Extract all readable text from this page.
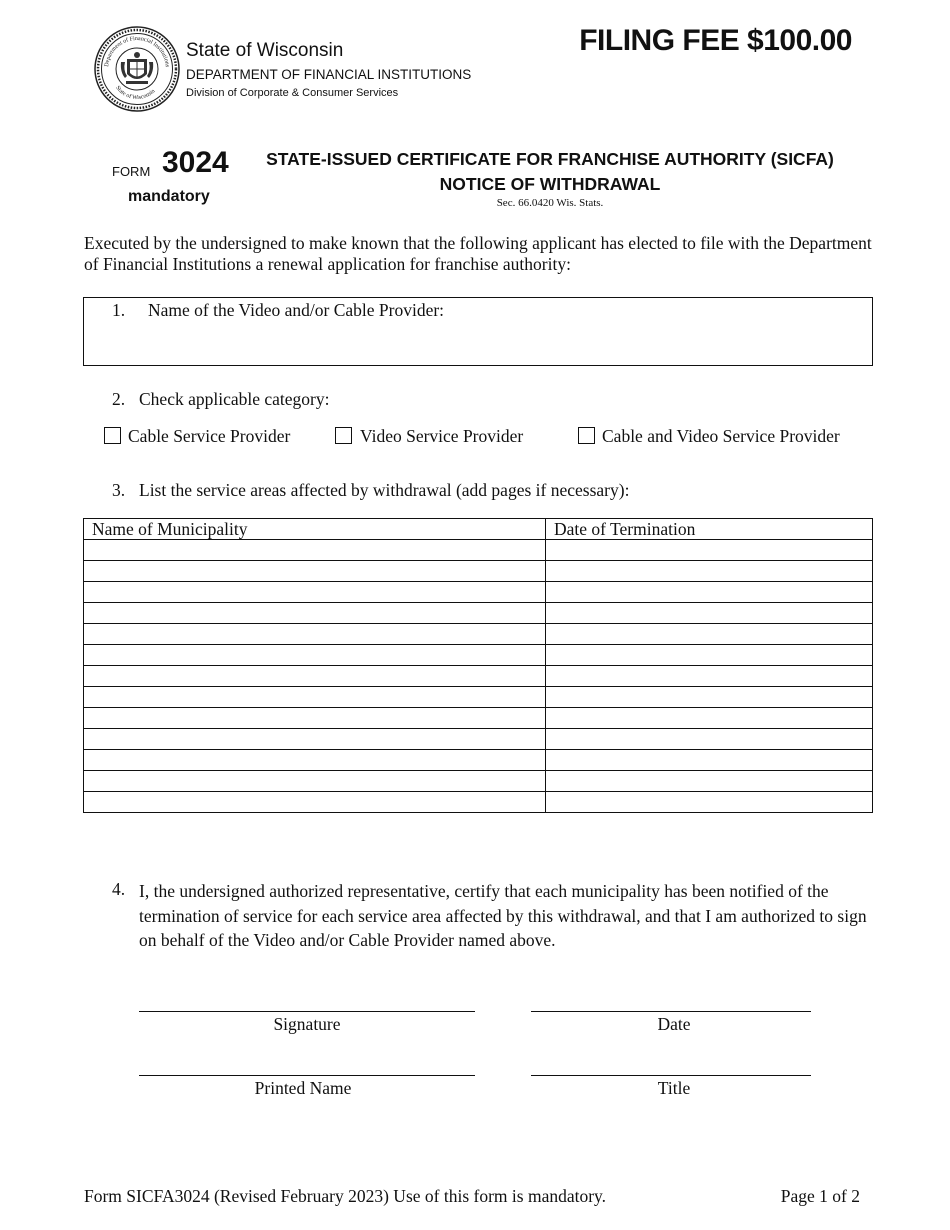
Department of Financial Institutions
State of Wisconsin
State of Wisconsin
DEPARTMENT OF FINANCIAL INSTITUTIONS
Division of Corporate & Consumer Services
FILING FEE $100.00
FORM 3024
mandatory
STATE-ISSUED CERTIFICATE FOR FRANCHISE AUTHORITY (SICFA)
NOTICE OF WITHDRAWAL
Sec. 66.0420 Wis. Stats.
Executed by the undersigned to make known that the following applicant has elected to file with the Department of Financial Institutions a renewal application for franchise authority:
1. Name of the Video and/or Cable Provider:
2. Check applicable category:
Cable Service Provider	Video Service Provider	Cable and Video Service Provider
3. List the service areas affected by withdrawal (add pages if necessary):
Name of Municipality	Date of Termination

4. I, the undersigned authorized representative, certify that each municipality has been notified of the termination of service for each service area affected by this withdrawal, and that I am authorized to sign on behalf of the Video and/or Cable Provider named above.
Signature	Date
Printed Name	Title
Form SICFA3024 (Revised February 2023) Use of this form is mandatory.	Page 1 of 2
